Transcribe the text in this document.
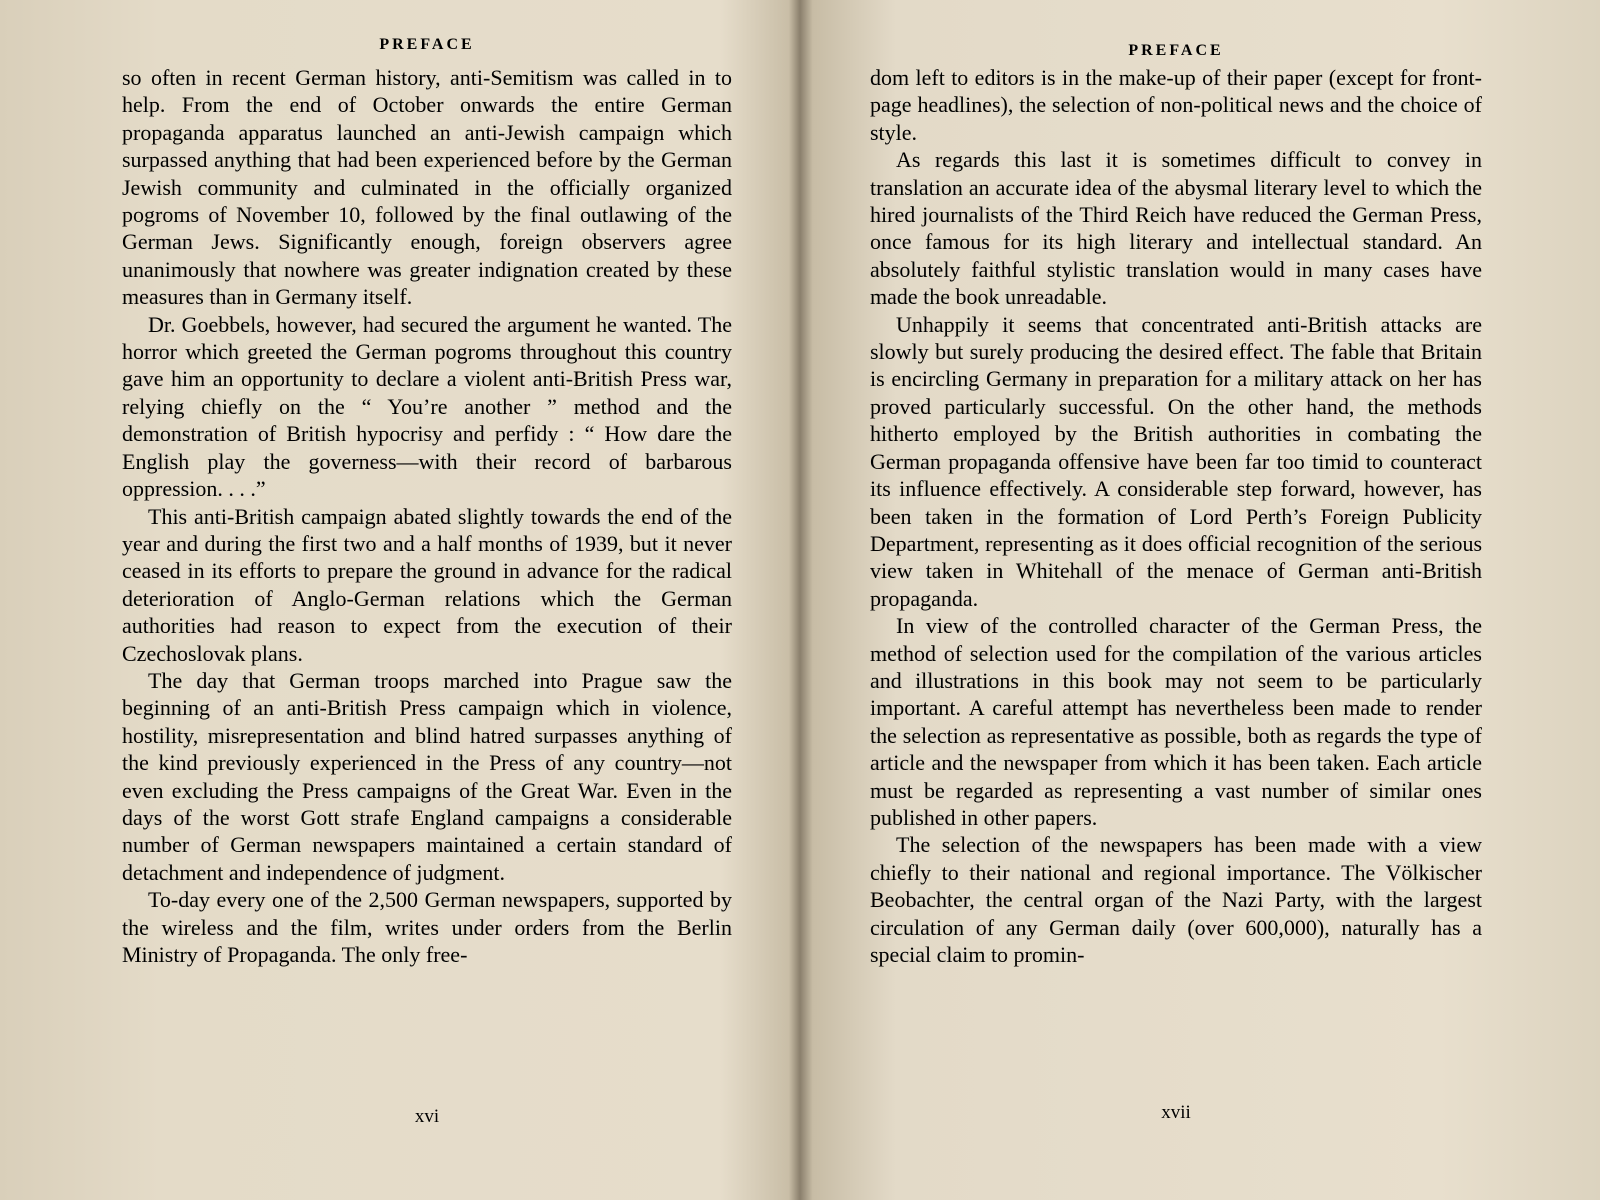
PREFACE

so often in recent German history, anti-Semitism was called in to help. From the end of October onwards the entire German propaganda apparatus launched an anti-Jewish campaign which surpassed anything that had been experienced before by the German Jewish community and culminated in the officially organized pogroms of November 10, followed by the final outlawing of the German Jews. Significantly enough, foreign observers agree unanimously that nowhere was greater indignation created by these measures than in Germany itself.

Dr. Goebbels, however, had secured the argument he wanted. The horror which greeted the German pogroms throughout this country gave him an opportunity to declare a violent anti-British Press war, relying chiefly on the “ You’re another ” method and the demonstration of British hypocrisy and perfidy : “ How dare the English play the governess—with their record of barbarous oppression. . . .”

This anti-British campaign abated slightly towards the end of the year and during the first two and a half months of 1939, but it never ceased in its efforts to prepare the ground in advance for the radical deterioration of Anglo-German relations which the German authorities had reason to expect from the execution of their Czechoslovak plans.

The day that German troops marched into Prague saw the beginning of an anti-British Press campaign which in violence, hostility, misrepresentation and blind hatred surpasses anything of the kind previously experienced in the Press of any country—not even excluding the Press campaigns of the Great War. Even in the days of the worst Gott strafe England campaigns a considerable number of German newspapers maintained a certain standard of detachment and independence of judgment.

To-day every one of the 2,500 German newspapers, supported by the wireless and the film, writes under orders from the Berlin Ministry of Propaganda. The only free-

xvi
PREFACE

dom left to editors is in the make-up of their paper (except for front-page headlines), the selection of non-political news and the choice of style.

As regards this last it is sometimes difficult to convey in translation an accurate idea of the abysmal literary level to which the hired journalists of the Third Reich have reduced the German Press, once famous for its high literary and intellectual standard. An absolutely faithful stylistic translation would in many cases have made the book unreadable.

Unhappily it seems that concentrated anti-British attacks are slowly but surely producing the desired effect. The fable that Britain is encircling Germany in preparation for a military attack on her has proved particularly successful. On the other hand, the methods hitherto employed by the British authorities in combating the German propaganda offensive have been far too timid to counteract its influence effectively. A considerable step forward, however, has been taken in the formation of Lord Perth’s Foreign Publicity Department, representing as it does official recognition of the serious view taken in Whitehall of the menace of German anti-British propaganda.

In view of the controlled character of the German Press, the method of selection used for the compilation of the various articles and illustrations in this book may not seem to be particularly important. A careful attempt has nevertheless been made to render the selection as representative as possible, both as regards the type of article and the newspaper from which it has been taken. Each article must be regarded as representing a vast number of similar ones published in other papers.

The selection of the newspapers has been made with a view chiefly to their national and regional importance. The Völkischer Beobachter, the central organ of the Nazi Party, with the largest circulation of any German daily (over 600,000), naturally has a special claim to promin-

xvii
